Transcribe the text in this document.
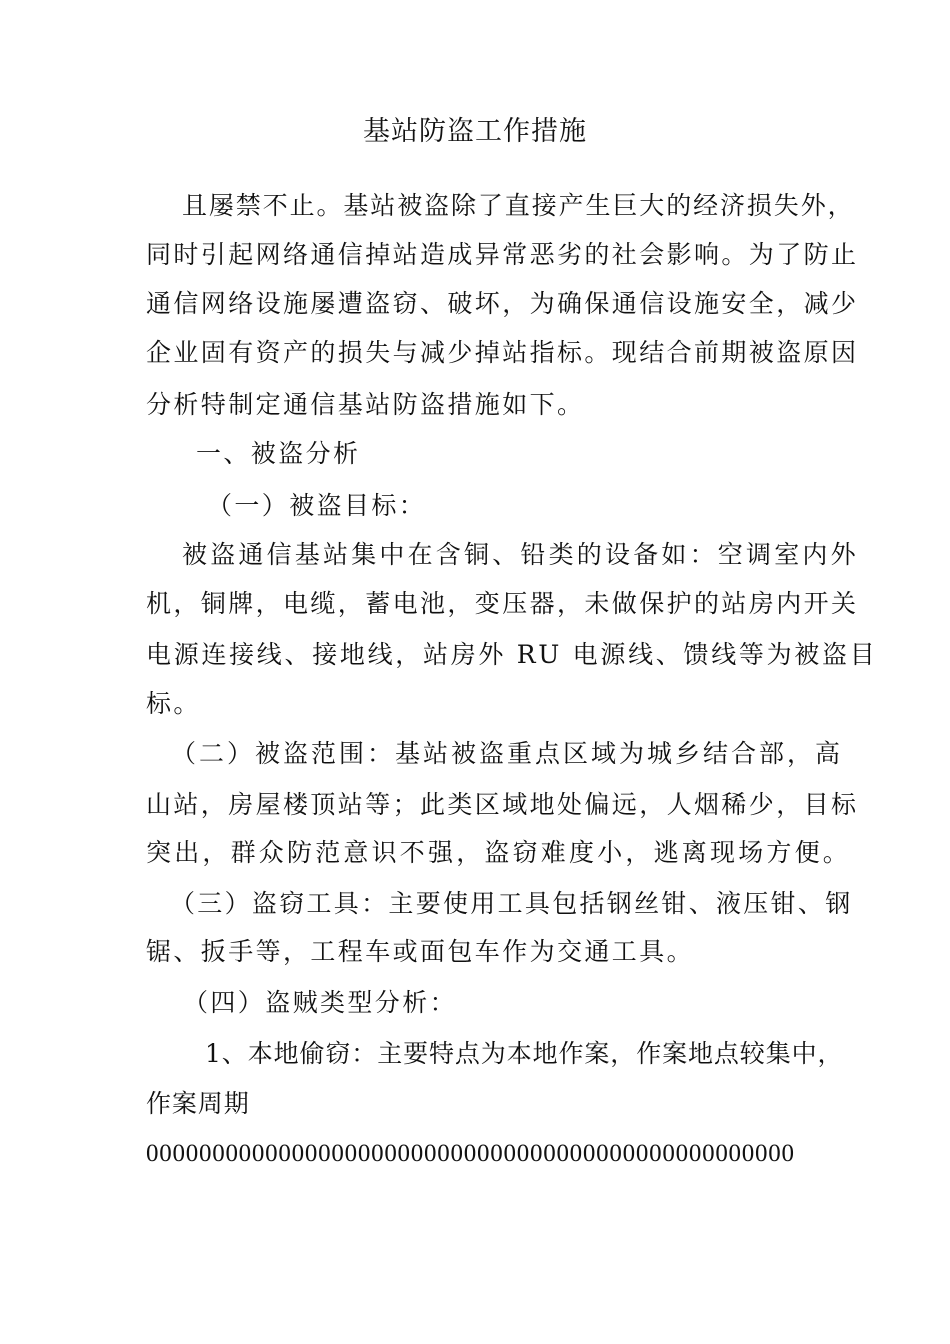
基站防盗工作措施
且屡禁不止。基站被盗除了直接产生巨大的经济损失外，
同时引起网络通信掉站造成异常恶劣的社会影响。为了防止
通信网络设施屡遭盗窃、破坏，为确保通信设施安全，减少
企业固有资产的损失与减少掉站指标。现结合前期被盗原因
分析特制定通信基站防盗措施如下。
一、被盗分析
（一）被盗目标：
被盗通信基站集中在含铜、铅类的设备如：空调室内外
机，铜牌，电缆，蓄电池，变压器，未做保护的站房内开关
电源连接线、接地线，站房外 RU 电源线、馈线等为被盗目
标。
（二）被盗范围：基站被盗重点区域为城乡结合部，高
山站，房屋楼顶站等；此类区域地处偏远，人烟稀少，目标
突出，群众防范意识不强，盗窃难度小，逃离现场方便。
（三）盗窃工具：主要使用工具包括钢丝钳、液压钳、钢
锯、扳手等，工程车或面包车作为交通工具。
（四）盗贼类型分析：
1、本地偷窃：主要特点为本地作案，作案地点较集中，
作案周期
0000000000000000000000000000000000000000000000000
